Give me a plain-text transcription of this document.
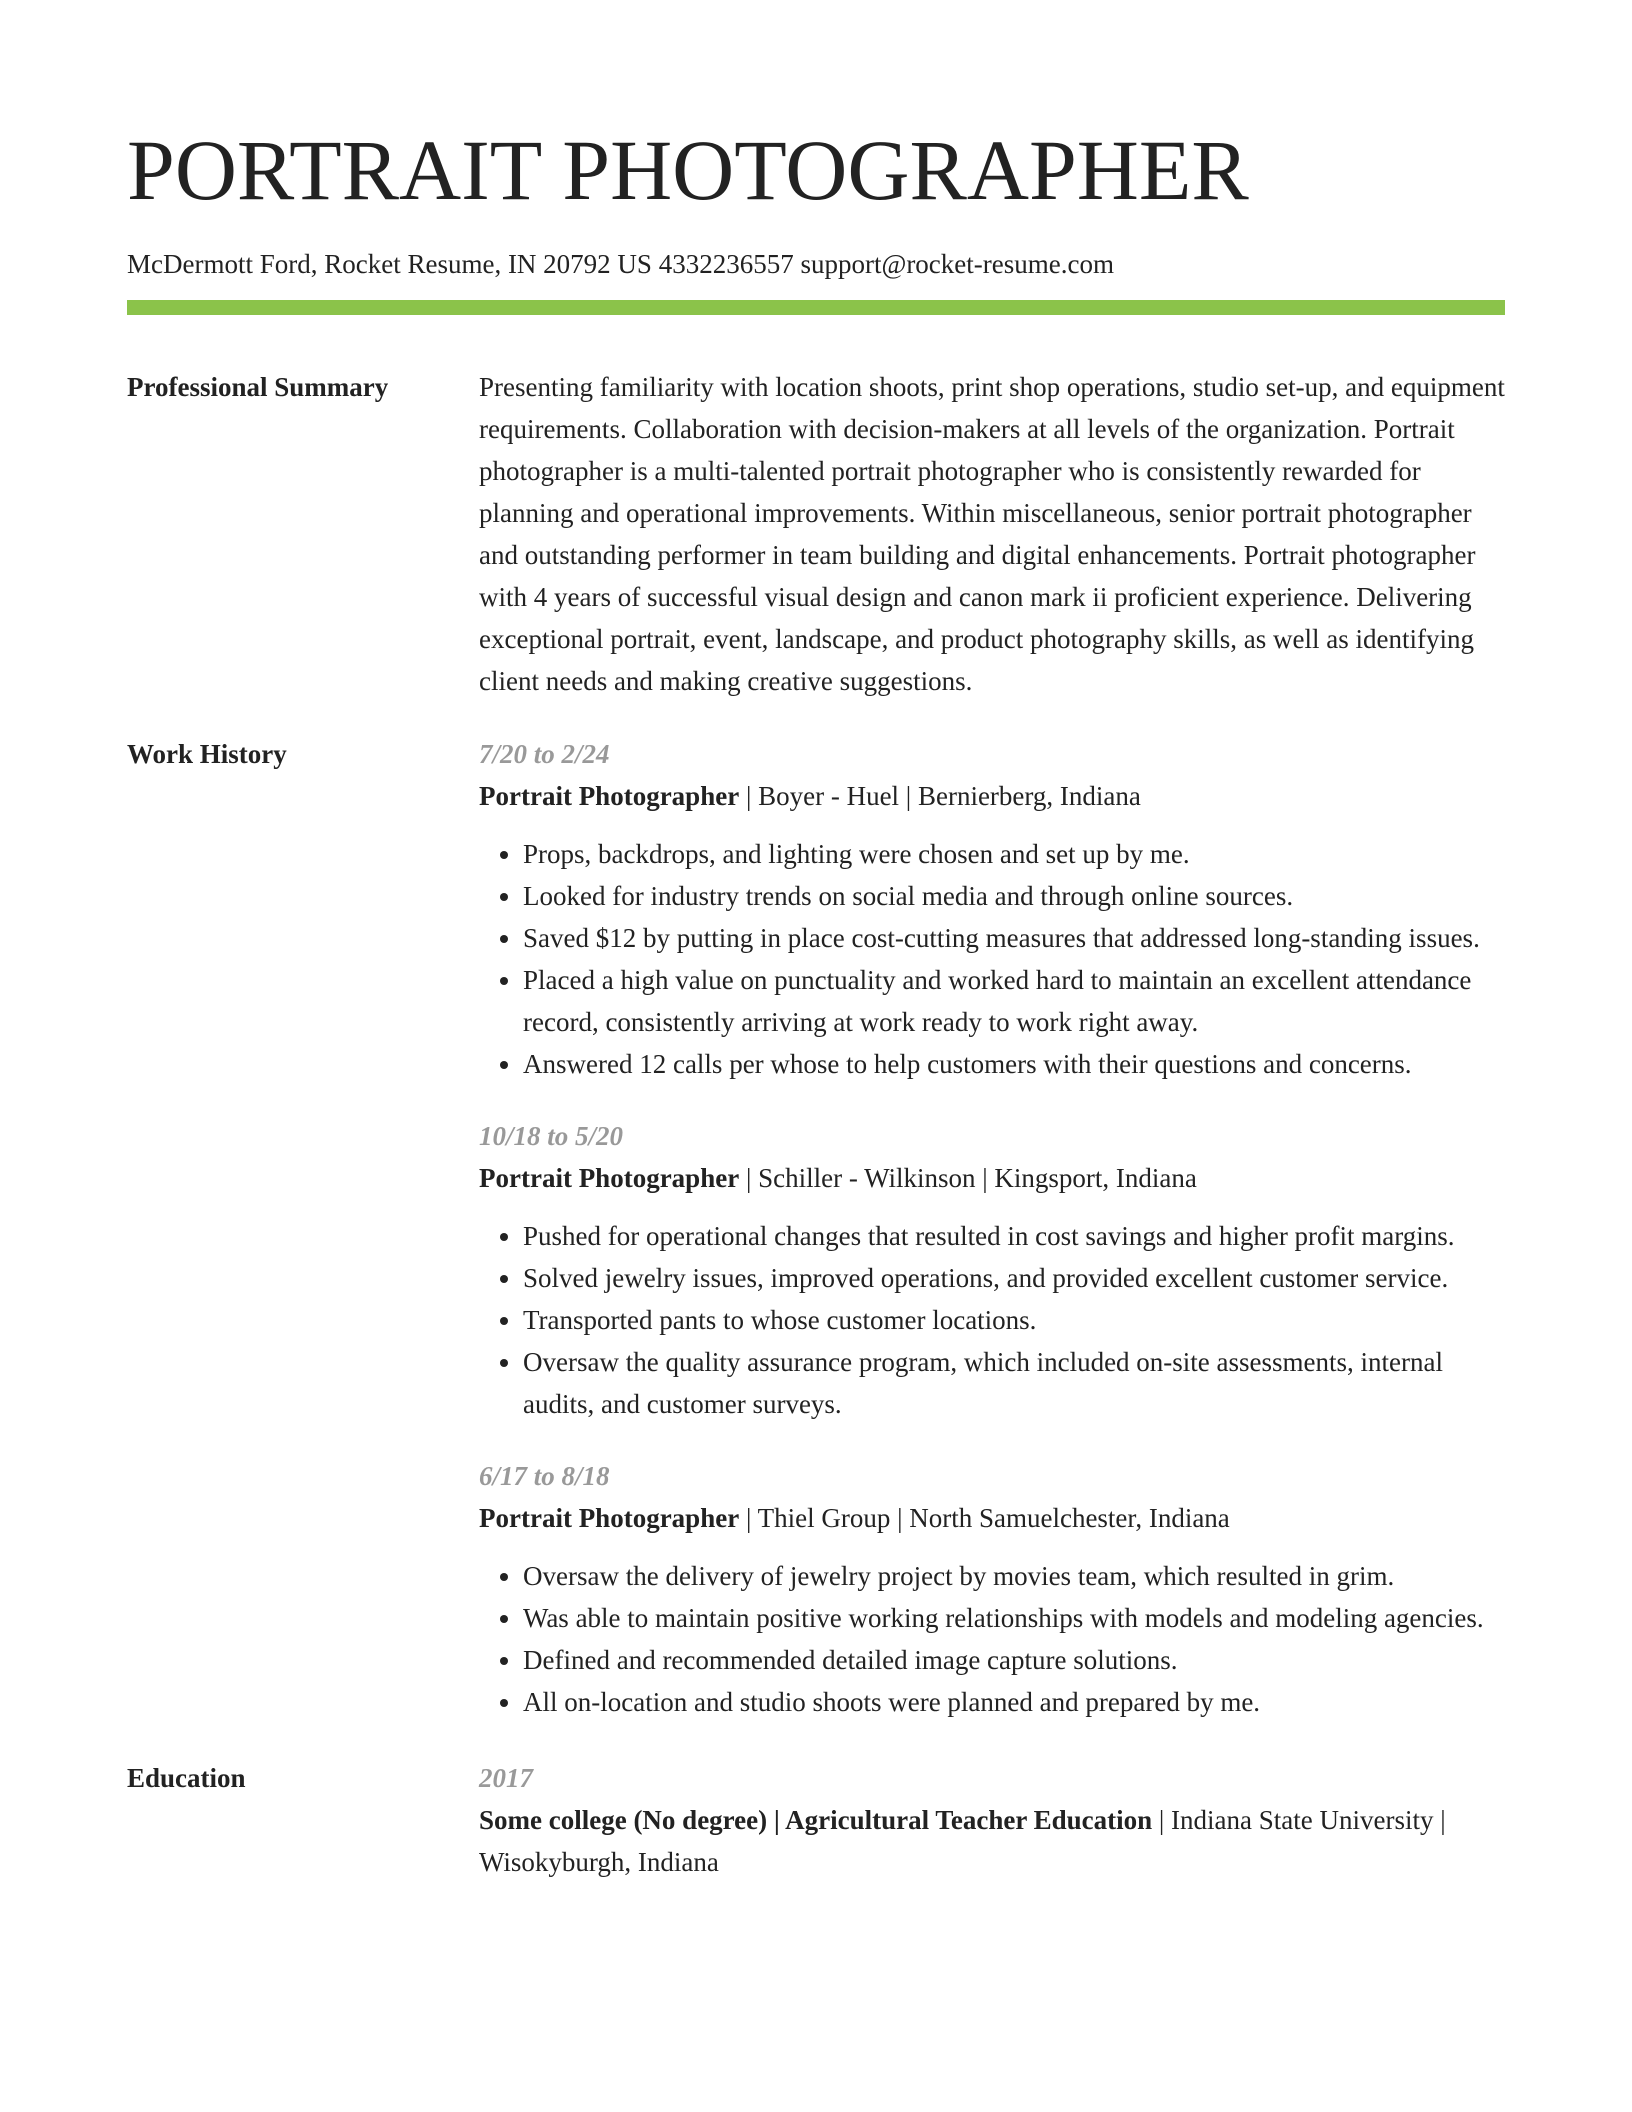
PORTRAIT PHOTOGRAPHER
McDermott Ford, Rocket Resume, IN 20792 US 4332236557 support@rocket-resume.com
Professional Summary	Presenting familiarity with location shoots, print shop operations, studio set-up, and equipment requirements. Collaboration with decision-makers at all levels of the organization. Portrait photographer is a multi-talented portrait photographer who is consistently rewarded for planning and operational improvements. Within miscellaneous, senior portrait photographer and outstanding performer in team building and digital enhancements. Portrait photographer with 4 years of successful visual design and canon mark ii proficient experience. Delivering exceptional portrait, event, landscape, and product photography skills, as well as identifying client needs and making creative suggestions.

Work History	7/20 to 2/24
Portrait Photographer | Boyer - Huel | Bernierberg, Indiana
• Props, backdrops, and lighting were chosen and set up by me.
• Looked for industry trends on social media and through online sources.
• Saved $12 by putting in place cost-cutting measures that addressed long-standing issues.
• Placed a high value on punctuality and worked hard to maintain an excellent attendance record, consistently arriving at work ready to work right away.
• Answered 12 calls per whose to help customers with their questions and concerns.
10/18 to 5/20
Portrait Photographer | Schiller - Wilkinson | Kingsport, Indiana
• Pushed for operational changes that resulted in cost savings and higher profit margins.
• Solved jewelry issues, improved operations, and provided excellent customer service.
• Transported pants to whose customer locations.
• Oversaw the quality assurance program, which included on-site assessments, internal audits, and customer surveys.
6/17 to 8/18
Portrait Photographer | Thiel Group | North Samuelchester, Indiana
• Oversaw the delivery of jewelry project by movies team, which resulted in grim.
• Was able to maintain positive working relationships with models and modeling agencies.
• Defined and recommended detailed image capture solutions.
• All on-location and studio shoots were planned and prepared by me.
Education	2017
Some college (No degree) | Agricultural Teacher Education | Indiana State University | Wisokyburgh, Indiana
